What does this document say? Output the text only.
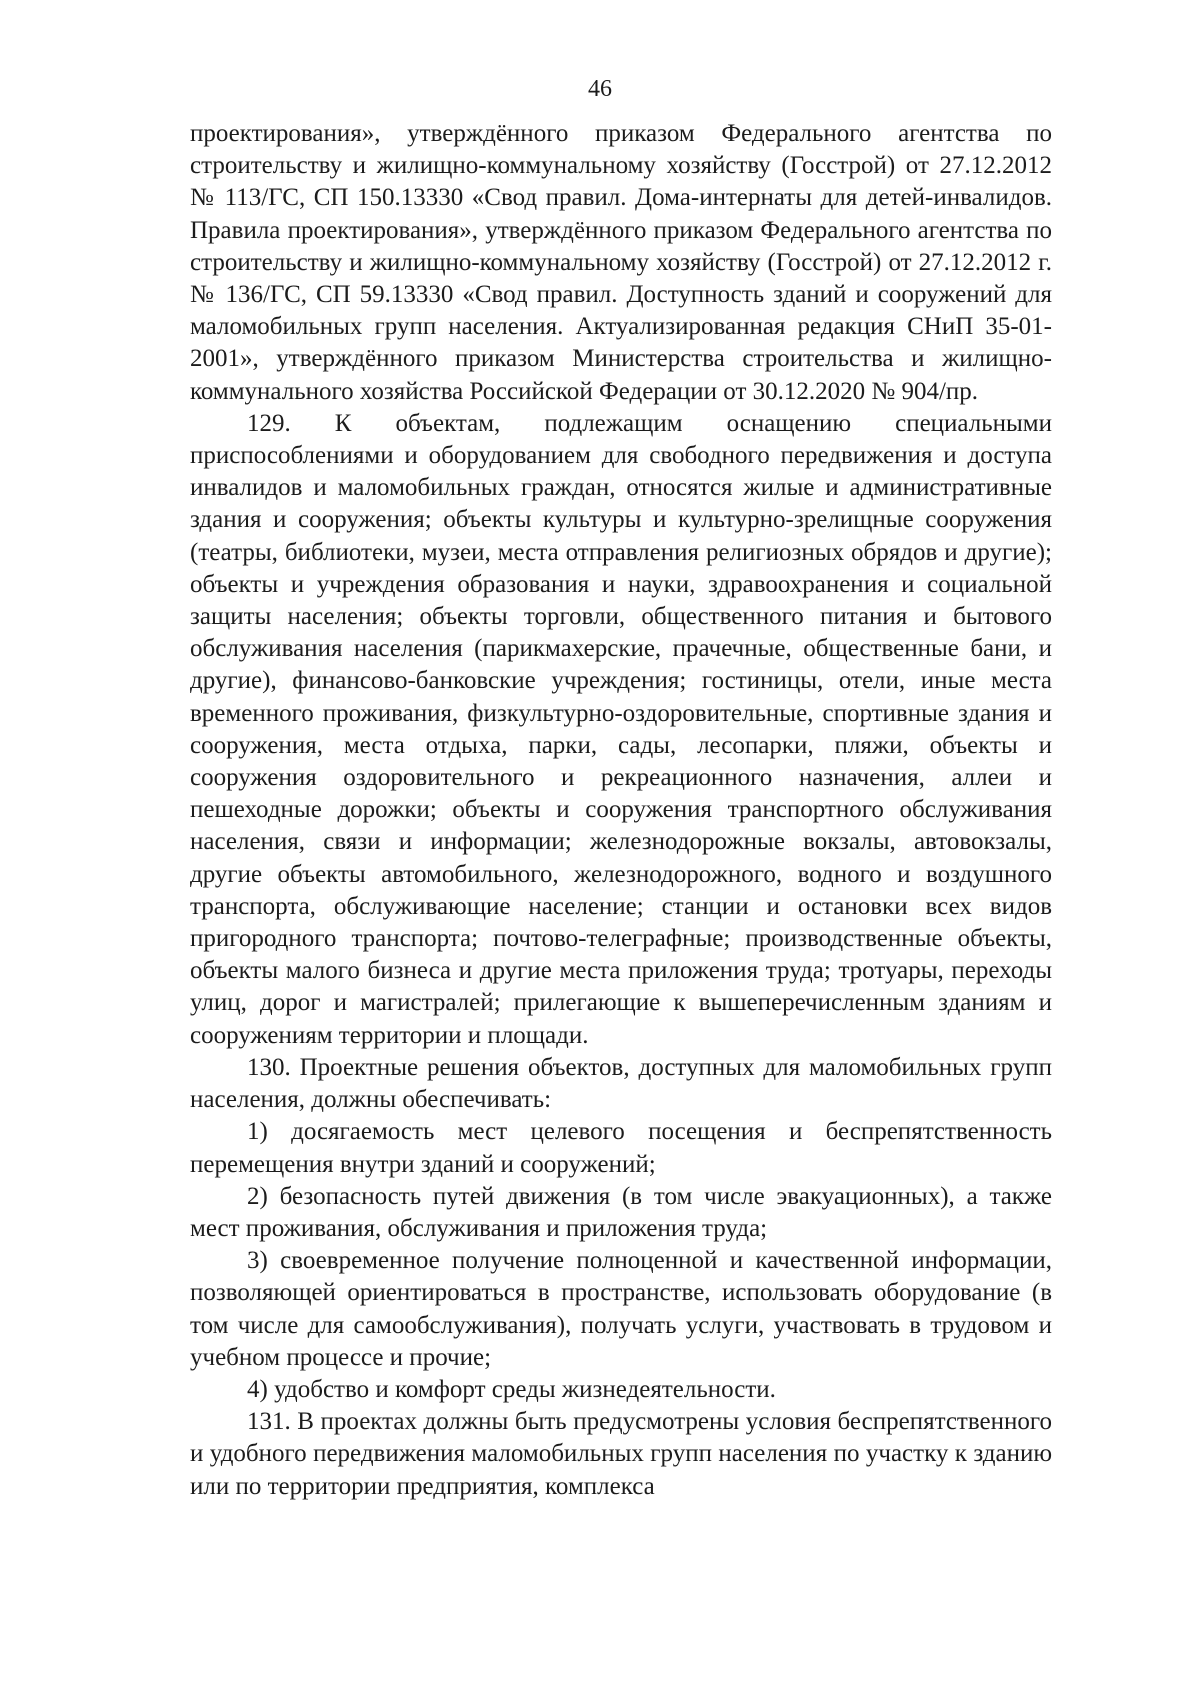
46

проектирования», утверждённого приказом Федерального агентства по строительству и жилищно-коммунальному хозяйству (Госстрой) от 27.12.2012 № 113/ГС, СП 150.13330 «Свод правил. Дома-интернаты для детей-инвалидов. Правила проектирования», утверждённого приказом Федерального агентства по строительству и жилищно-коммунальному хозяйству (Госстрой) от 27.12.2012 г. № 136/ГС, СП 59.13330 «Свод правил. Доступность зданий и сооружений для маломобильных групп населения. Актуализированная редакция СНиП 35-01-2001», утверждённого приказом Министерства строительства и жилищно-коммунального хозяйства Российской Федерации от 30.12.2020 № 904/пр.

129. К объектам, подлежащим оснащению специальными приспособлениями и оборудованием для свободного передвижения и доступа инвалидов и маломобильных граждан, относятся жилые и административные здания и сооружения; объекты культуры и культурно-зрелищные сооружения (театры, библиотеки, музеи, места отправления религиозных обрядов и другие); объекты и учреждения образования и науки, здравоохранения и социальной защиты населения; объекты торговли, общественного питания и бытового обслуживания населения (парикмахерские, прачечные, общественные бани, и другие), финансово-банковские учреждения; гостиницы, отели, иные места временного проживания, физкультурно-оздоровительные, спортивные здания и сооружения, места отдыха, парки, сады, лесопарки, пляжи, объекты и сооружения оздоровительного и рекреационного назначения, аллеи и пешеходные дорожки; объекты и сооружения транспортного обслуживания населения, связи и информации; железнодорожные вокзалы, автовокзалы, другие объекты автомобильного, железнодорожного, водного и воздушного транспорта, обслуживающие население; станции и остановки всех видов пригородного транспорта; почтово-телеграфные; производственные объекты, объекты малого бизнеса и другие места приложения труда; тротуары, переходы улиц, дорог и магистралей; прилегающие к вышеперечисленным зданиям и сооружениям территории и площади.

130. Проектные решения объектов, доступных для маломобильных групп населения, должны обеспечивать:

1) досягаемость мест целевого посещения и беспрепятственность перемещения внутри зданий и сооружений;

2) безопасность путей движения (в том числе эвакуационных), а также мест проживания, обслуживания и приложения труда;

3) своевременное получение полноценной и качественной информации, позволяющей ориентироваться в пространстве, использовать оборудование (в том числе для самообслуживания), получать услуги, участвовать в трудовом и учебном процессе и прочие;

4) удобство и комфорт среды жизнедеятельности.

131. В проектах должны быть предусмотрены условия беспрепятственного и удобного передвижения маломобильных групп населения по участку к зданию или по территории предприятия, комплекса
